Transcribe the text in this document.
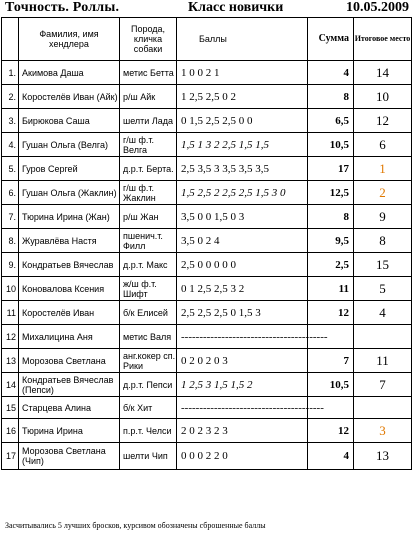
Точность. Роллы.	Класс новички	10.05.2009
	Фамилия, имя хендлера	Порода, кличка собаки	Баллы	Сумма	Итоговое место
1.	Акимова Даша	метис Бетта	1 0 0 2 1	4	14
2.	Коростелёв Иван (Айк)	р/ш Айк	1 2,5 2,5 0 2	8	10
3.	Бирюкова Саша	шелти Лада	0 1,5 2,5 2,5 0 0	6,5	12
4.	Гушан Ольга (Велга)	г/ш ф.т. Велга	1,5 1 3 2 2,5 1,5 1,5	10,5	6
5.	Гуров Сергей	д.р.т. Берта.	2,5 3,5 3 3,5 3,5 3,5	17	1
6.	Гушан Ольга (Жаклин)	г/ш ф.т. Жаклин	1,5 2,5 2 2,5 2,5 1,5 3 0	12,5	2
7.	Тюрина Ирина (Жан)	р/ш Жан	3,5 0 0 1,5 0 3	8	9
8.	Журавлёва Настя	пшенич.т. Филл	3,5 0 2 4	9,5	8
9.	Кондратьев Вячеслав	д.р.т. Макс	2,5 0 0 0 0 0	2,5	15
10	Коновалова Ксения	ж/ш ф.т. Шифт	0 1 2,5 2,5 3 2	11	5
11	Коростелёв Иван	б/к Елисей	2,5 2,5 2,5 0 1,5 3	12	4
12	Михалицина Аня	метис Валя	----------------------------------------		
13	Морозова Светлана	анг.кокер сп. Рики	0 2 0 2 0 3	7	11
14	Кондратьев Вячеслав (Пепси)	д.р.т. Пепси	1 2,5 3 1,5 1,5 2	10,5	7
15	Старцева Алина	б/к Хит	---------------------------------------		
16	Тюрина Ирина	п.р.т. Челси	2 0 2 3 2 3	12	3
17	Морозова Светлана (Чип)	шелти Чип	0 0 0 2 2 0	4	13
Засчитывались 5 лучших бросков, курсивом обозначены сброшенные баллы
